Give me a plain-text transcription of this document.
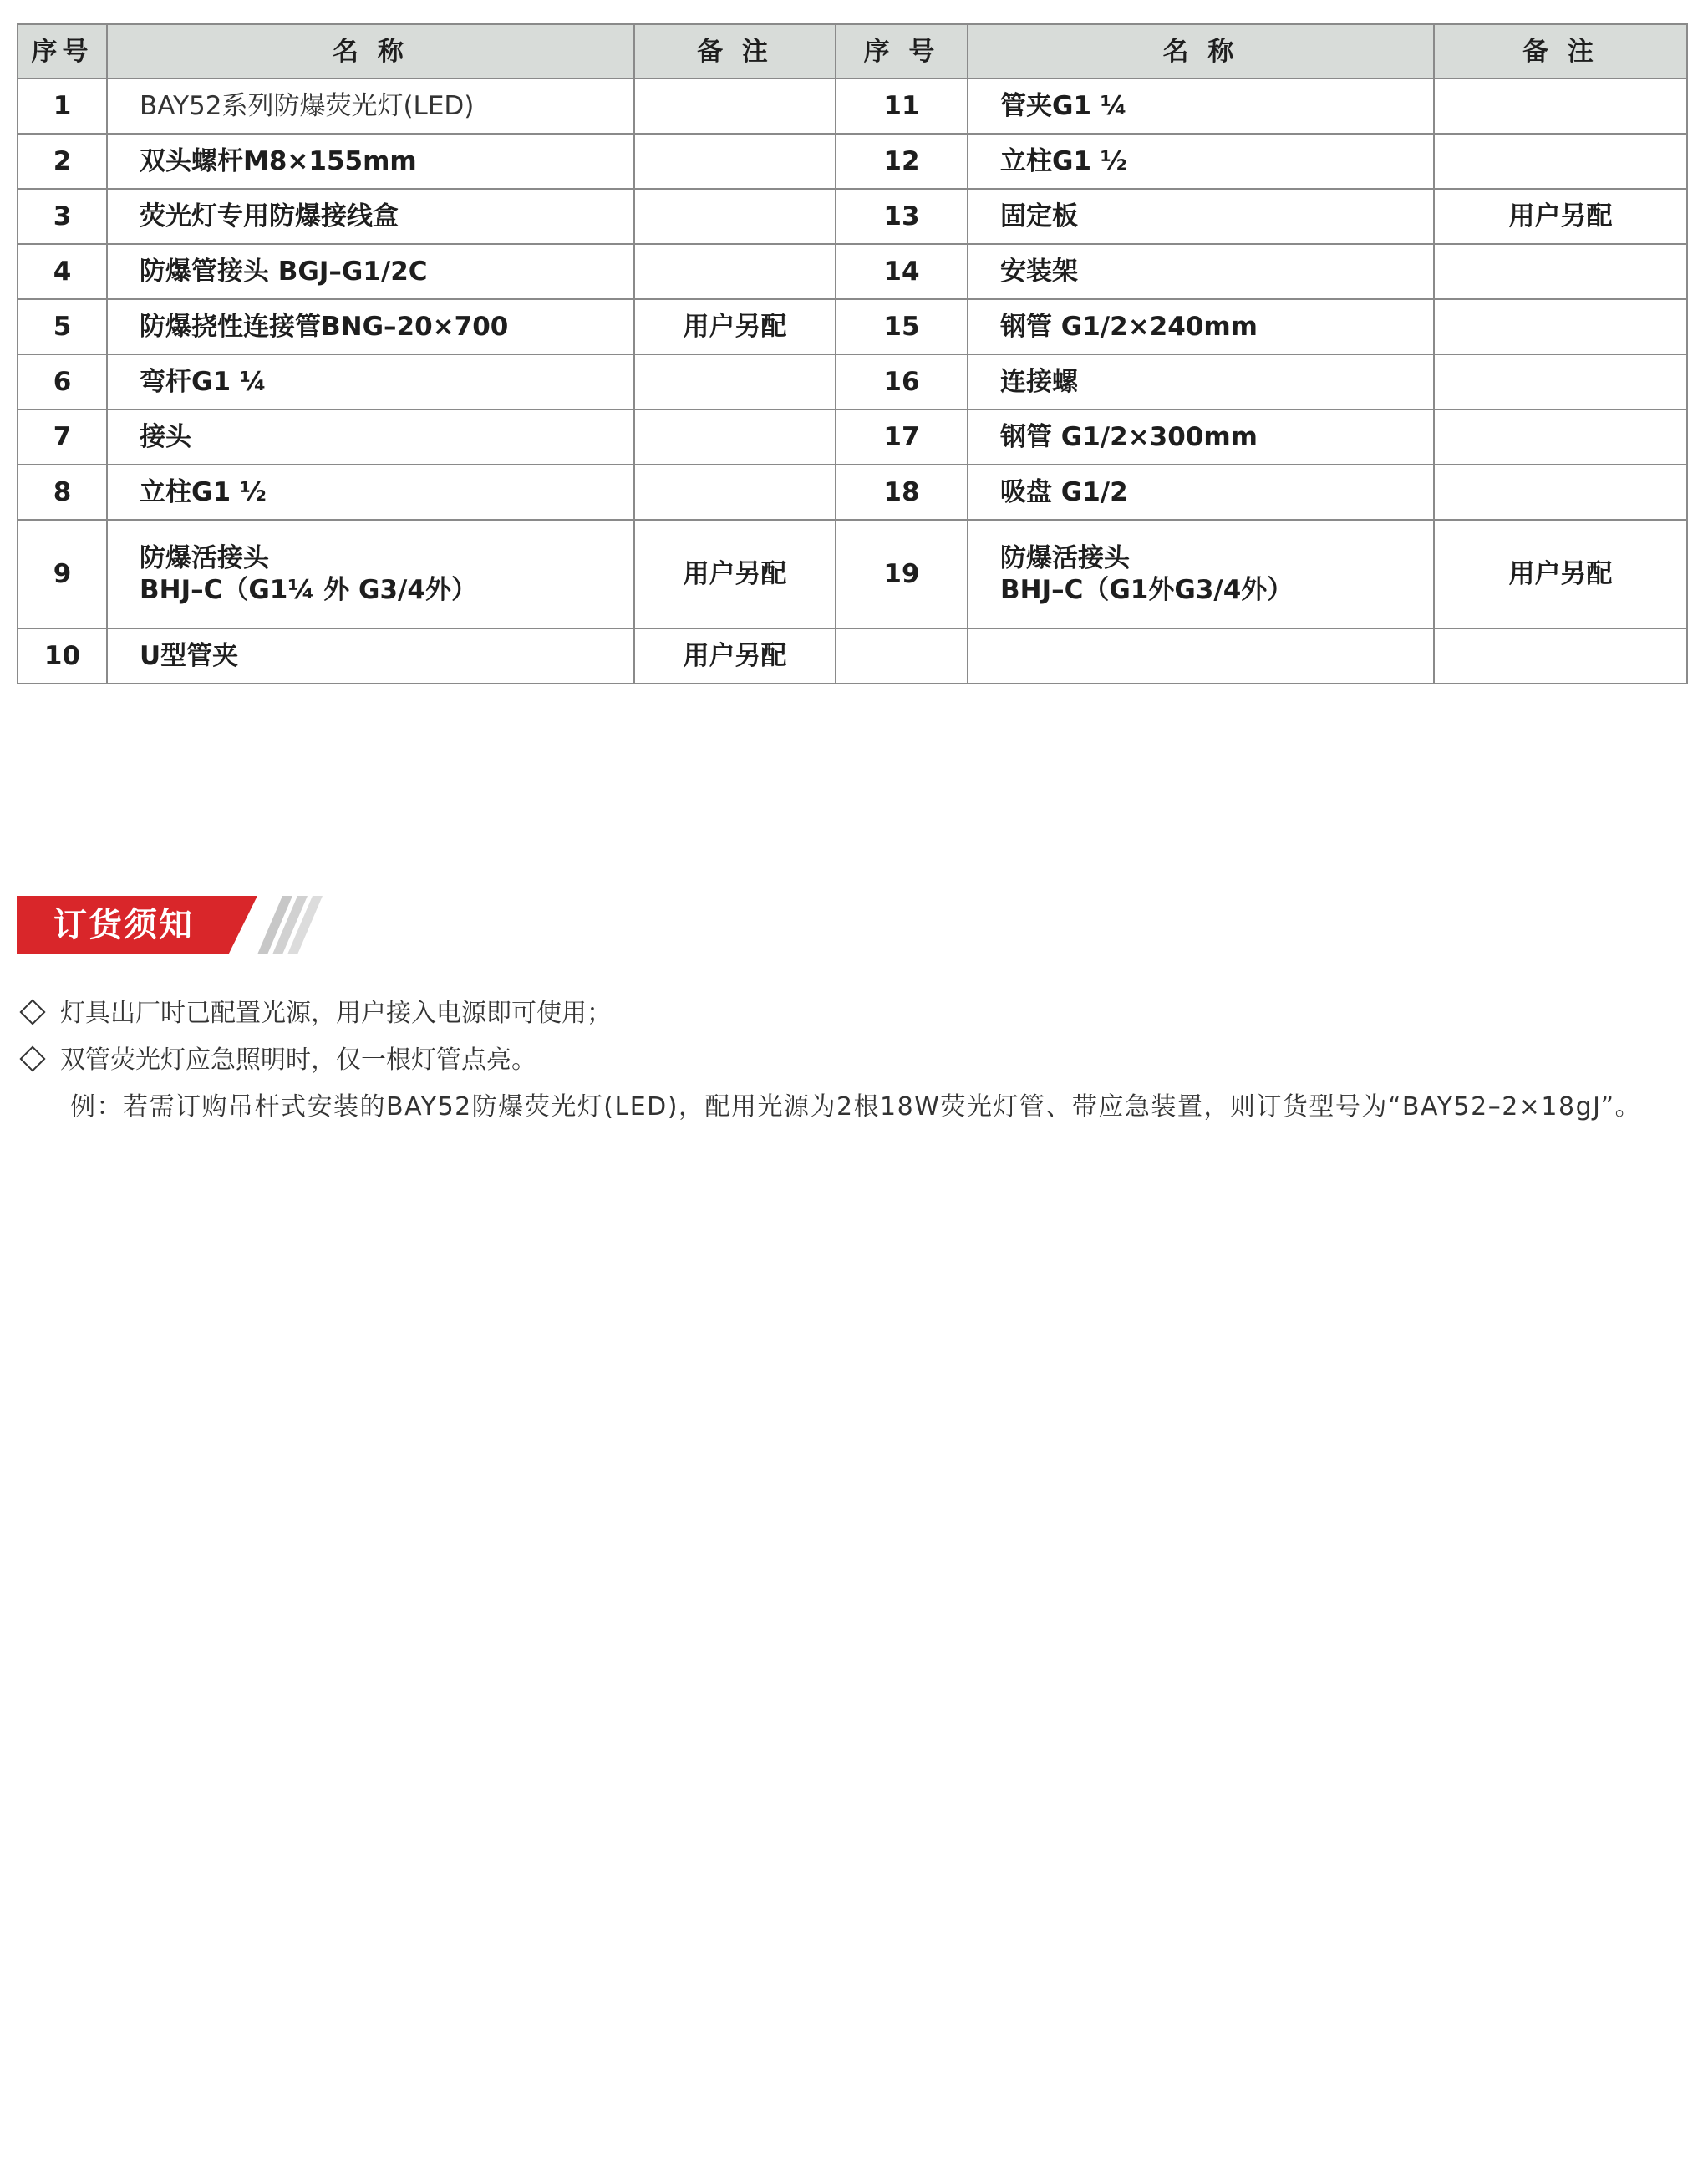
序号	名 称	备 注	序 号	名 称	备 注
1	BAY52系列防爆荧光灯(LED)		11	管夹G1 ¼	
2	双头螺杆M8×155mm		12	立柱G1 ½	
3	荧光灯专用防爆接线盒		13	固定板	用户另配
4	防爆管接头 BGJ–G1/2C		14	安装架	
5	防爆挠性连接管BNG–20×700	用户另配	15	钢管 G1/2×240mm	
6	弯杆G1 ¼		16	连接螺	
7	接头		17	钢管 G1/2×300mm	
8	立柱G1 ½		18	吸盘 G1/2	
9	防爆活接头
BHJ–C（G1¼ 外 G3/4外）	用户另配	19	防爆活接头
BHJ–C（G1外G3/4外）	用户另配
10	U型管夹	用户另配			
订货须知
灯具出厂时已配置光源，用户接入电源即可使用；
双管荧光灯应急照明时，仅一根灯管点亮。
例：若需订购吊杆式安装的BAY52防爆荧光灯(LED)，配用光源为2根18W荧光灯管、带应急装置，则订货型号为“BAY52–2×18gJ”。
